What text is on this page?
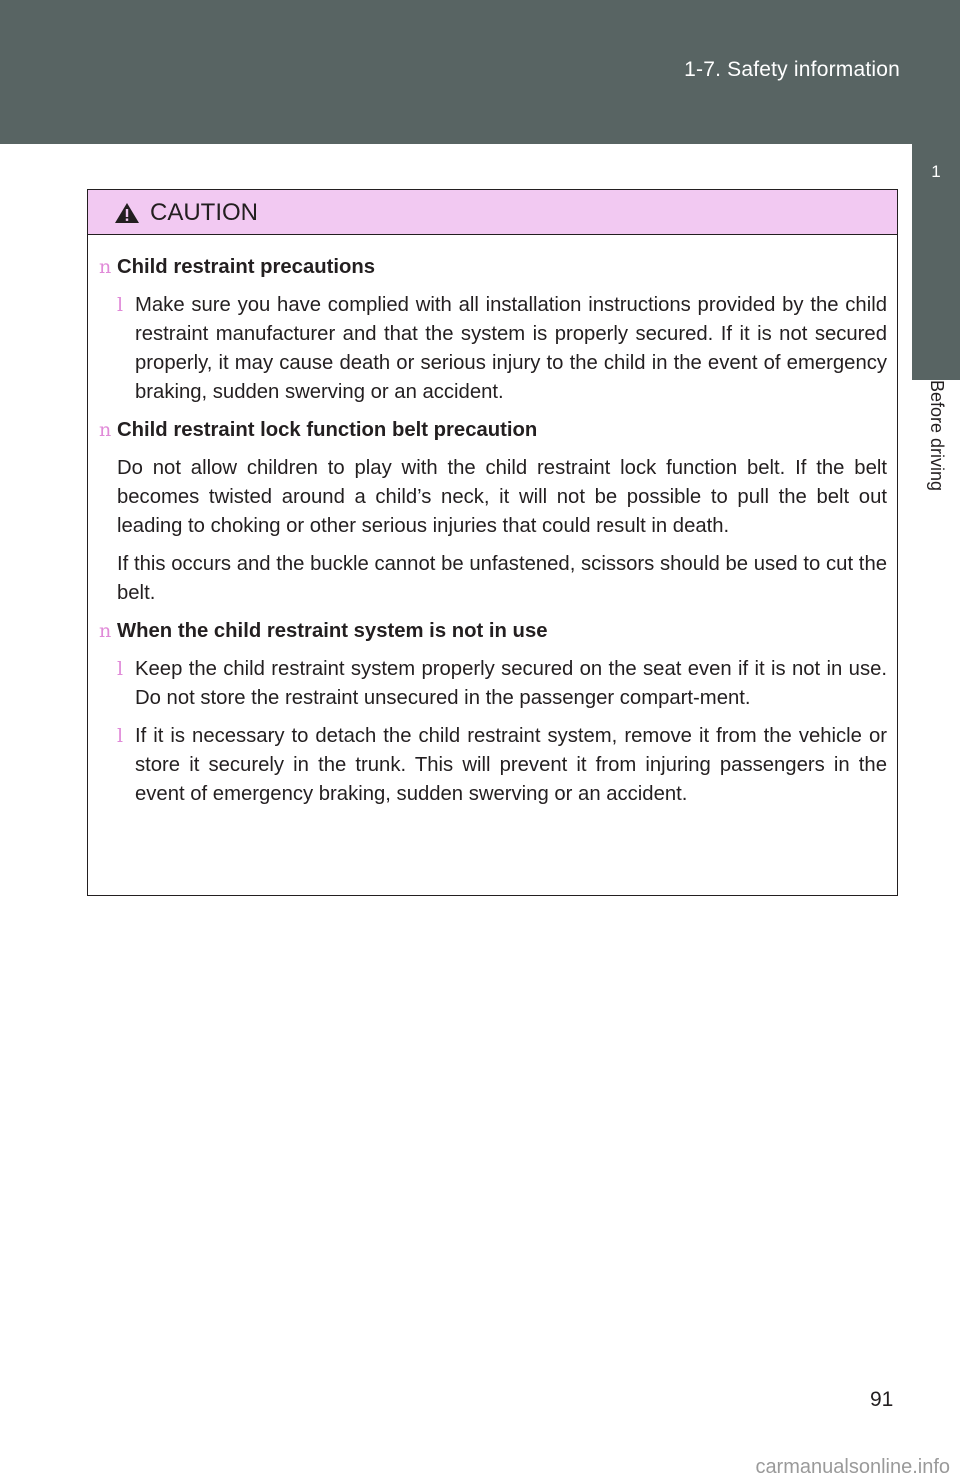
1-7. Safety information
1
Before driving
CAUTION
n Child restraint precautions
l Make sure you have complied with all installation instructions provided by the child restraint manufacturer and that the system is properly secured. If it is not secured properly, it may cause death or serious injury to the child in the event of emergency braking, sudden swerving or an accident.
n Child restraint lock function belt precaution
Do not allow children to play with the child restraint lock function belt. If the belt becomes twisted around a child’s neck, it will not be possible to pull the belt out leading to choking or other serious injuries that could result in death.
If this occurs and the buckle cannot be unfastened, scissors should be used to cut the belt.
n When the child restraint system is not in use
l Keep the child restraint system properly secured on the seat even if it is not in use. Do not store the restraint unsecured in the passenger compart-ment.
l If it is necessary to detach the child restraint system, remove it from the vehicle or store it securely in the trunk. This will prevent it from injuring passengers in the event of emergency braking, sudden swerving or an accident.
91
carmanualsonline.info
